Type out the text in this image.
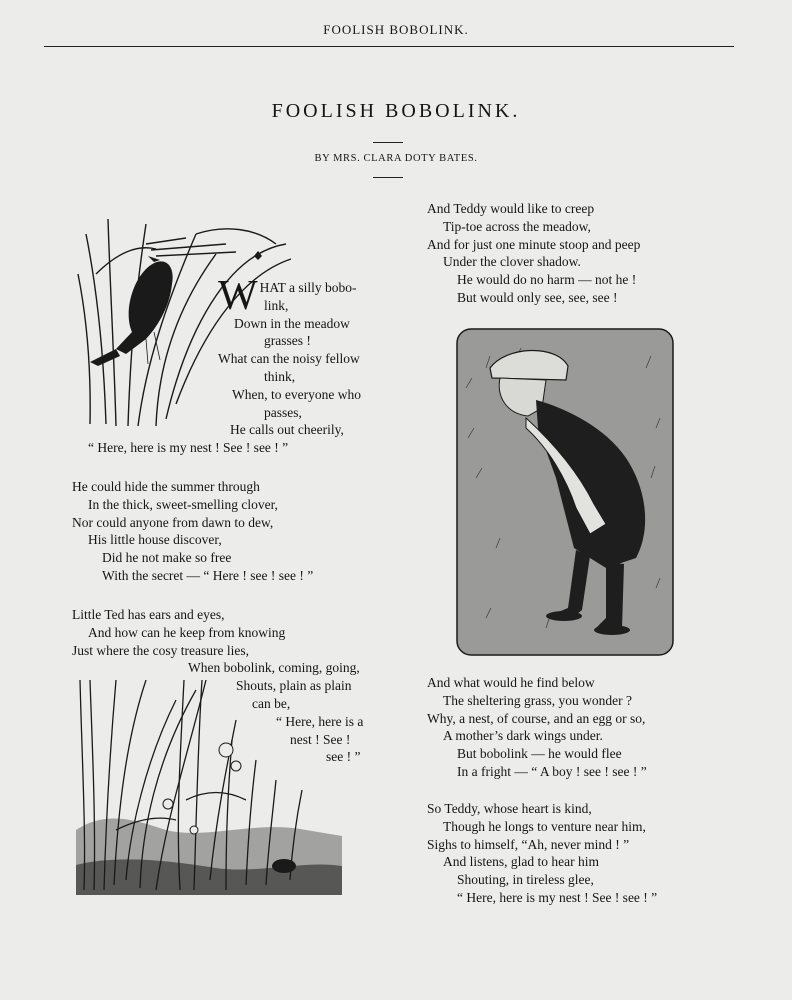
FOOLISH BOBOLINK.
FOOLISH BOBOLINK.
BY MRS. CLARA DOTY BATES.
W HAT a silly bobo-
link,
Down in the meadow
grasses !
What can the noisy fellow
think,
When, to everyone who
passes,
He calls out cheerily,
“ Here, here is my nest ! See ! see ! ”
He could hide the summer through
In the thick, sweet-smelling clover,
Nor could anyone from dawn to dew,
His little house discover,
Did he not make so free
With the secret — “ Here ! see ! see ! ”
Little Ted has ears and eyes,
And how can he keep from knowing
Just where the cosy treasure lies,
When bobolink, coming, going,
Shouts, plain as plain
can be,
“ Here, here is a
nest ! See !
see ! ”
And Teddy would like to creep
Tip-toe across the meadow,
And for just one minute stoop and peep
Under the clover shadow.
He would do no harm — not he !
But would only see, see, see !
And what would he find below
The sheltering grass, you wonder ?
Why, a nest, of course, and an egg or so,
A mother’s dark wings under.
But bobolink — he would flee
In a fright — “ A boy ! see ! see ! ”
So Teddy, whose heart is kind,
Though he longs to venture near him,
Sighs to himself, “Ah, never mind ! ”
And listens, glad to hear him
Shouting, in tireless glee,
“ Here, here is my nest ! See ! see ! ”
